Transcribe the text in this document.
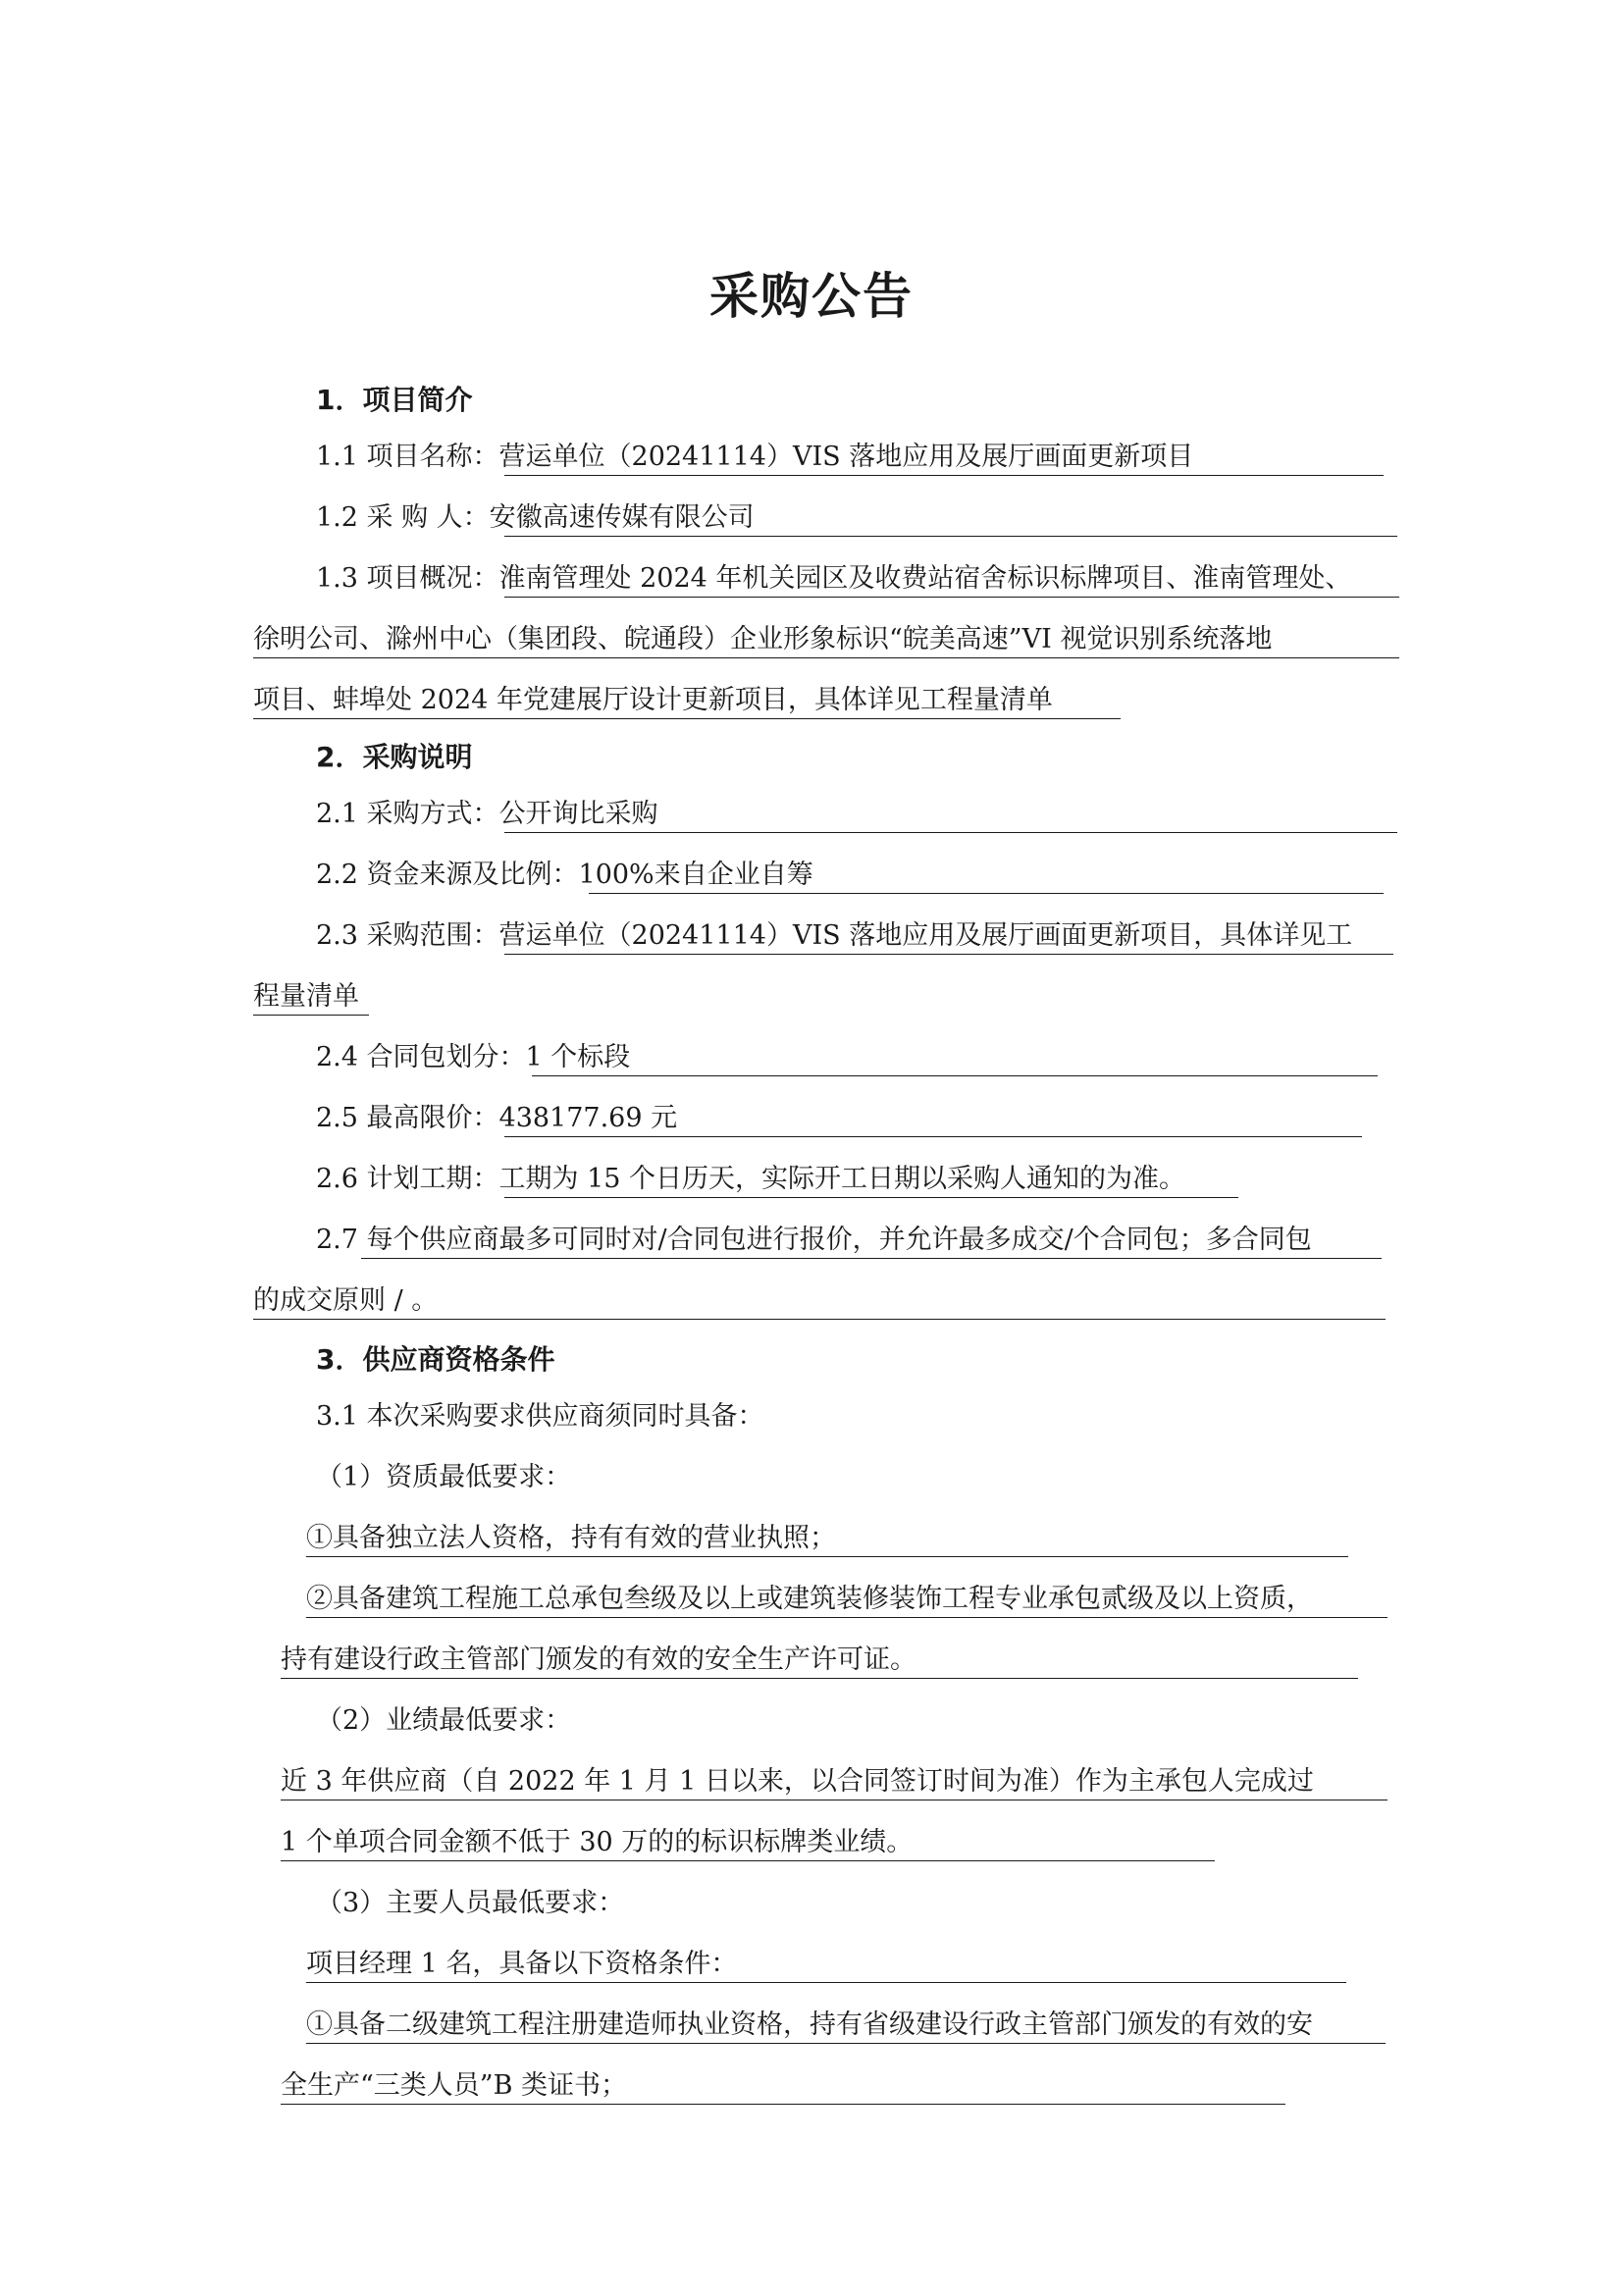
采购公告
1．项目简介
1.1 项目名称：营运单位（20241114）VIS 落地应用及展厅画面更新项目
1.2 采 购 人：安徽高速传媒有限公司
1.3 项目概况：淮南管理处 2024 年机关园区及收费站宿舍标识标牌项目、淮南管理处、
徐明公司、滁州中心（集团段、皖通段）企业形象标识“皖美高速”VI 视觉识别系统落地
项目、蚌埠处 2024 年党建展厅设计更新项目，具体详见工程量清单
2．采购说明
2.1 采购方式：公开询比采购
2.2 资金来源及比例：100%来自企业自筹
2.3 采购范围：营运单位（20241114）VIS 落地应用及展厅画面更新项目，具体详见工
程量清单
2.4 合同包划分：1 个标段
2.5 最高限价：438177.69 元
2.6 计划工期：工期为 15 个日历天，实际开工日期以采购人通知的为准。
2.7 每个供应商最多可同时对/合同包进行报价，并允许最多成交/个合同包；多合同包
的成交原则 / 。
3．供应商资格条件
3.1 本次采购要求供应商须同时具备：
（1）资质最低要求：
①具备独立法人资格，持有有效的营业执照；
②具备建筑工程施工总承包叁级及以上或建筑装修装饰工程专业承包贰级及以上资质，
持有建设行政主管部门颁发的有效的安全生产许可证。
（2）业绩最低要求：
近 3 年供应商（自 2022 年 1 月 1 日以来，以合同签订时间为准）作为主承包人完成过
1 个单项合同金额不低于 30 万的的标识标牌类业绩。
（3）主要人员最低要求：
项目经理 1 名，具备以下资格条件：
①具备二级建筑工程注册建造师执业资格，持有省级建设行政主管部门颁发的有效的安
全生产“三类人员”B 类证书；
